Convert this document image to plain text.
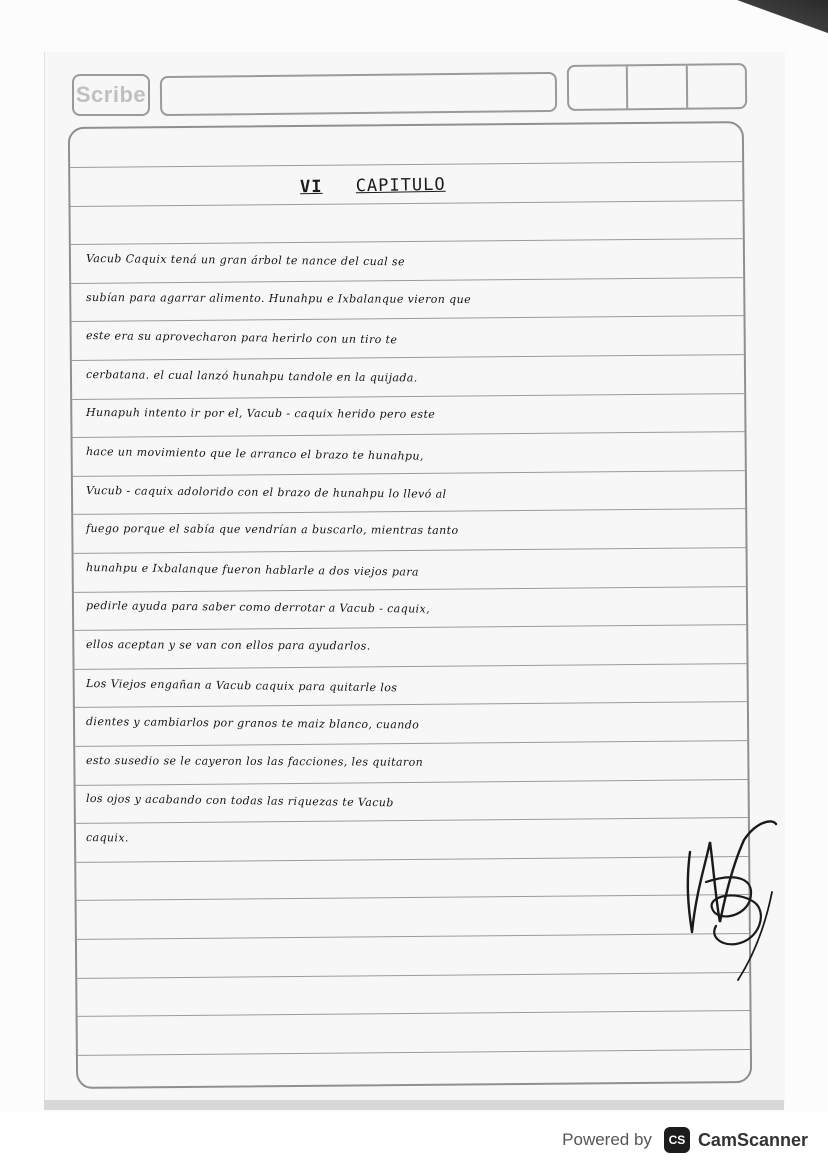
Scribe
VI CAPITULO
Vacub Caquix tená un gran árbol te nance del cual se
subían para agarrar alimento. Hunahpu e Ixbalanque vieron que
este era su aprovecharon para herirlo con un tiro te
cerbatana. el cual lanzó hunahpu tandole en la quijada.
Hunapuh intento ir por el, Vacub - caquix herido pero este
hace un movimiento que le arranco el brazo te hunahpu,
Vucub - caquix adolorido con el brazo de hunahpu lo llevó al
fuego porque el sabía que vendrían a buscarlo, mientras tanto
hunahpu e Ixbalanque fueron hablarle a dos viejos para
pedirle ayuda para saber como derrotar a Vacub - caquix,
ellos aceptan y se van con ellos para ayudarlos.
Los Viejos engañan a Vacub caquix para quitarle los
dientes y cambiarlos por granos te maiz blanco, cuando
esto susedio se le cayeron los las facciones, les quitaron
los ojos y acabando con todas las riquezas te Vacub
caquix.
Powered by	CS CamScanner
